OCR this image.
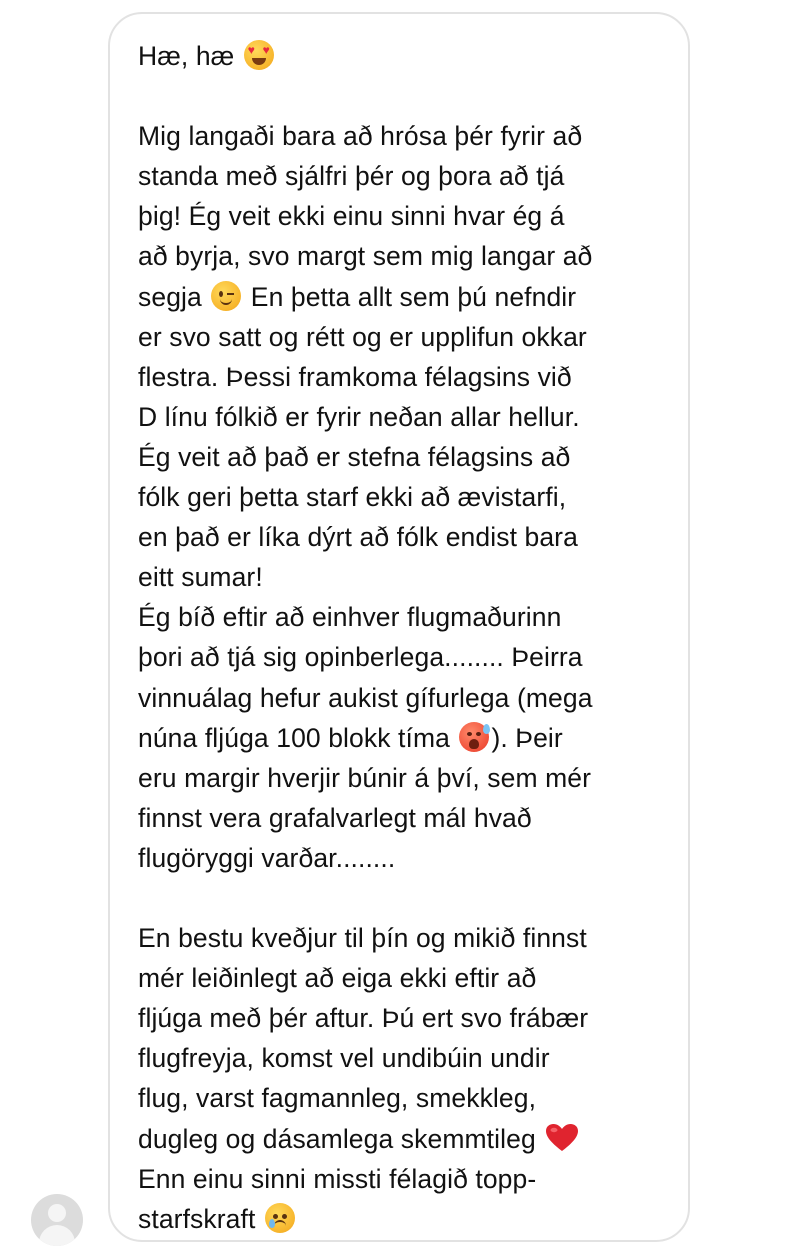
Hæ, hæ ♥
♥
Mig langaði bara að hrósa þér fyrir að
standa með sjálfri þér og þora að tjá
þig! Ég veit ekki einu sinni hvar ég á
að byrja, svo margt sem mig langar að
segja En þetta allt sem þú nefndir
er svo satt og rétt og er upplifun okkar
flestra. Þessi framkoma félagsins við
D línu fólkið er fyrir neðan allar hellur.
Ég veit að það er stefna félagsins að
fólk geri þetta starf ekki að ævistarfi,
en það er líka dýrt að fólk endist bara
eitt sumar!
Ég bíð eftir að einhver flugmaðurinn
þori að tjá sig opinberlega........ Þeirra
vinnuálag hefur aukist gífurlega (mega
núna fljúga 100 blokk tíma ). Þeir
eru margir hverjir búnir á því, sem mér
finnst vera grafalvarlegt mál hvað
flugöryggi varðar........
En bestu kveðjur til þín og mikið finnst
mér leiðinlegt að eiga ekki eftir að
fljúga með þér aftur. Þú ert svo frábær
flugfreyja, komst vel undibúin undir
flug, varst fagmannleg, smekkleg,
dugleg og dásamlega skemmtileg
Enn einu sinni missti félagið topp-
starfskraft
